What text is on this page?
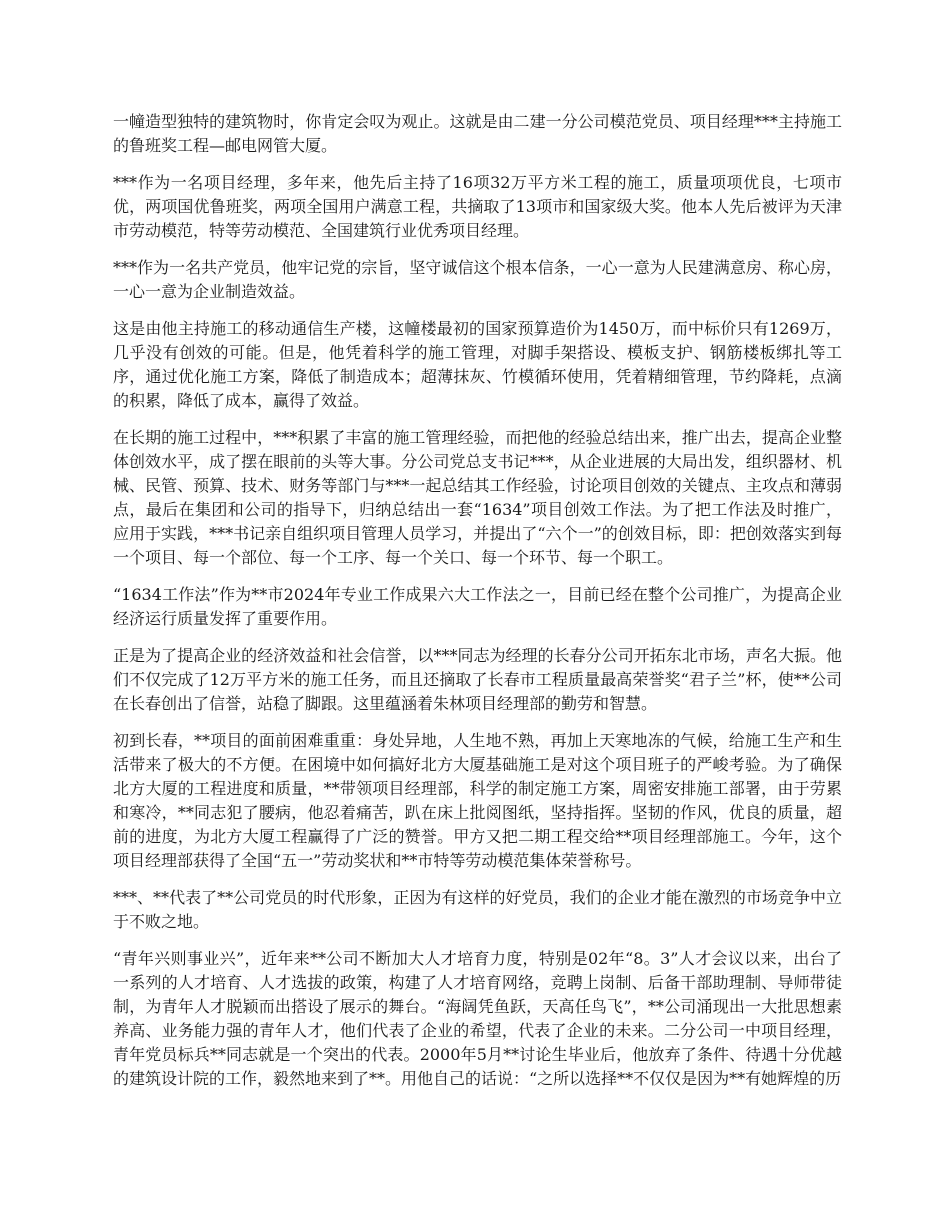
一幢造型独特的建筑物时，你肯定会叹为观止。这就是由二建一分公司模范党员、项目经理***主持施工的鲁班奖工程—邮电网管大厦。

***作为一名项目经理，多年来，他先后主持了16项32万平方米工程的施工，质量项项优良，七项市优，两项国优鲁班奖，两项全国用户满意工程，共摘取了13项市和国家级大奖。他本人先后被评为天津市劳动模范，特等劳动模范、全国建筑行业优秀项目经理。

***作为一名共产党员，他牢记党的宗旨，坚守诚信这个根本信条，一心一意为人民建满意房、称心房，一心一意为企业制造效益。

这是由他主持施工的移动通信生产楼，这幢楼最初的国家预算造价为1450万，而中标价只有1269万，几乎没有创效的可能。但是，他凭着科学的施工管理，对脚手架搭设、模板支护、钢筋楼板绑扎等工序，通过优化施工方案，降低了制造成本；超薄抹灰、竹模循环使用，凭着精细管理，节约降耗，点滴的积累，降低了成本，赢得了效益。

在长期的施工过程中，***积累了丰富的施工管理经验，而把他的经验总结出来，推广出去，提高企业整体创效水平，成了摆在眼前的头等大事。分公司党总支书记***，从企业进展的大局出发，组织器材、机械、民管、预算、技术、财务等部门与***一起总结其工作经验，讨论项目创效的关键点、主攻点和薄弱点，最后在集团和公司的指导下，归纳总结出一套“1634”项目创效工作法。为了把工作法及时推广，应用于实践，***书记亲自组织项目管理人员学习，并提出了“六个一”的创效目标，即：把创效落实到每一个项目、每一个部位、每一个工序、每一个关口、每一个环节、每一个职工。

“1634工作法”作为**市2024年专业工作成果六大工作法之一，目前已经在整个公司推广，为提高企业经济运行质量发挥了重要作用。

正是为了提高企业的经济效益和社会信誉，以***同志为经理的长春分公司开拓东北市场，声名大振。他们不仅完成了12万平方米的施工任务，而且还摘取了长春市工程质量最高荣誉奖“君子兰”杯，使**公司在长春创出了信誉，站稳了脚跟。这里蕴涵着朱林项目经理部的勤劳和智慧。

初到长春，**项目的面前困难重重：身处异地，人生地不熟，再加上天寒地冻的气候，给施工生产和生活带来了极大的不方便。在困境中如何搞好北方大厦基础施工是对这个项目班子的严峻考验。为了确保北方大厦的工程进度和质量，**带领项目经理部，科学的制定施工方案，周密安排施工部署，由于劳累和寒冷，**同志犯了腰病，他忍着痛苦，趴在床上批阅图纸，坚持指挥。坚韧的作风，优良的质量，超前的进度，为北方大厦工程赢得了广泛的赞誉。甲方又把二期工程交给**项目经理部施工。今年，这个项目经理部获得了全国“五一”劳动奖状和**市特等劳动模范集体荣誉称号。

***、**代表了**公司党员的时代形象，正因为有这样的好党员，我们的企业才能在激烈的市场竞争中立于不败之地。

“青年兴则事业兴”，近年来**公司不断加大人才培育力度，特别是02年“8。3”人才会议以来，出台了一系列的人才培育、人才选拔的政策，构建了人才培育网络，竞聘上岗制、后备干部助理制、导师带徒制，为青年人才脱颖而出搭设了展示的舞台。“海阔凭鱼跃，天高任鸟飞”，**公司涌现出一大批思想素养高、业务能力强的青年人才，他们代表了企业的希望，代表了企业的未来。二分公司一中项目经理，青年党员标兵**同志就是一个突出的代表。2000年5月**讨论生毕业后，他放弃了条件、待遇十分优越的建筑设计院的工作，毅然地来到了**。用他自己的话说：“之所以选择**不仅仅是因为**有她辉煌的历
